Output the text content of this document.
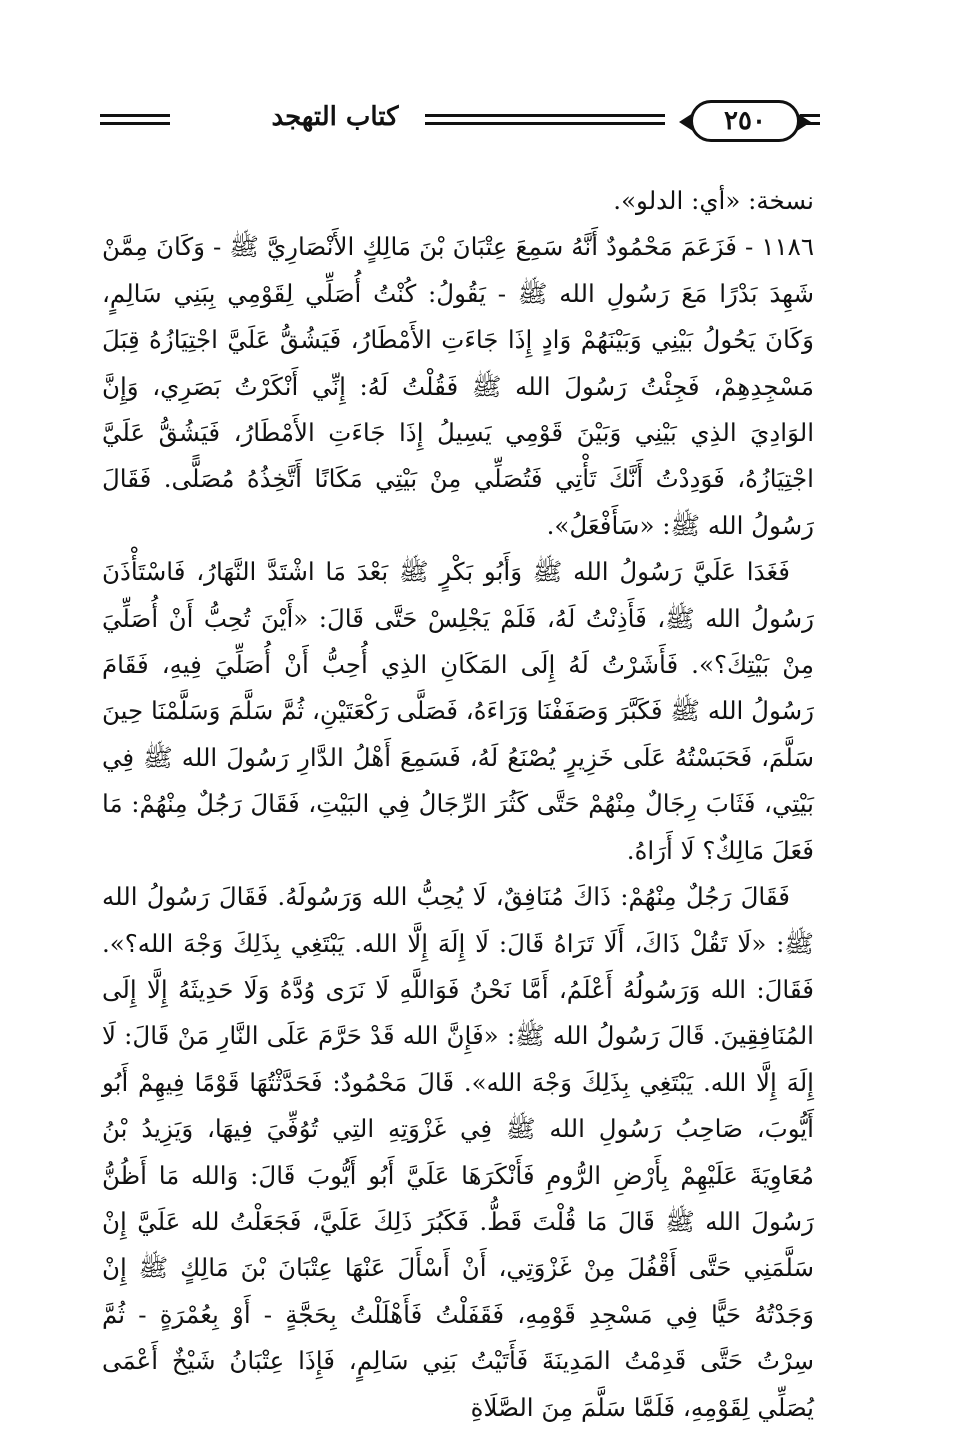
كتاب التهجد	٢٥٠

نسخة: «أي: الدلو».

١١٨٦ - فَزَعَمَ مَحْمُودٌ أَنَّهُ سَمِعَ عِتْبَانَ بْنَ مَالِكٍ الأَنْصَارِيَّ ﷺ - وَكَانَ مِمَّنْ شَهِدَ بَدْرًا مَعَ رَسُولِ الله ﷺ - يَقُولُ: كُنْتُ أُصَلِّي لِقَوْمِي بِبَنِي سَالِمٍ، وَكَانَ يَحُولُ بَيْنِي وَبَيْنَهُمْ وَادٍ إِذَا جَاءَتِ الأَمْطَارُ، فَيَشُقُّ عَلَيَّ اجْتِيَازُهُ قِبَلَ مَسْجِدِهِمْ، فَجِئْتُ رَسُولَ الله ﷺ فَقُلْتُ لَهُ: إِنِّي أَنْكَرْتُ بَصَرِي، وَإِنَّ الوَادِيَ الذِي بَيْنِي وَبَيْنَ قَوْمِي يَسِيلُ إِذَا جَاءَتِ الأَمْطَارُ، فَيَشُقُّ عَلَيَّ اجْتِيَازُهُ، فَوَدِدْتُ أَنَّكَ تَأْتِي فَتُصَلِّي مِنْ بَيْتِي مَكَانًا أَتَّخِذُهُ مُصَلًّى. فَقَالَ رَسُولُ الله ﷺ: «سَأَفْعَلُ».

فَغَدَا عَلَيَّ رَسُولُ الله ﷺ وَأَبُو بَكْرٍ ﷺ بَعْدَ مَا اشْتَدَّ النَّهَارُ، فَاسْتَأْذَنَ رَسُولُ الله ﷺ، فَأَذِنْتُ لَهُ، فَلَمْ يَجْلِسْ حَتَّى قَالَ: «أَيْنَ تُحِبُّ أَنْ أُصَلِّيَ مِنْ بَيْتِكَ؟». فَأَشَرْتُ لَهُ إِلَى المَكَانِ الذِي أُحِبُّ أَنْ أُصَلِّيَ فِيهِ، فَقَامَ رَسُولُ الله ﷺ فَكَبَّرَ وَصَفَفْنَا وَرَاءَهُ، فَصَلَّى رَكْعَتَيْنِ، ثُمَّ سَلَّمَ وَسَلَّمْنَا حِينَ سَلَّمَ، فَحَبَسْتُهُ عَلَى خَزِيرٍ يُصْنَعُ لَهُ، فَسَمِعَ أَهْلُ الدَّارِ رَسُولَ الله ﷺ فِي بَيْتِي، فَثَابَ رِجَالٌ مِنْهُمْ حَتَّى كَثُرَ الرِّجَالُ فِي البَيْتِ، فَقَالَ رَجُلٌ مِنْهُمْ: مَا فَعَلَ مَالِكٌ؟ لَا أَرَاهُ.

فَقَالَ رَجُلٌ مِنْهُمْ: ذَاكَ مُنَافِقٌ، لَا يُحِبُّ الله وَرَسُولَهُ. فَقَالَ رَسُولُ الله ﷺ: «لَا تَقُلْ ذَاكَ، أَلَا تَرَاهُ قَالَ: لَا إِلَهَ إِلَّا الله. يَبْتَغِي بِذَلِكَ وَجْهَ الله؟». فَقَالَ: الله وَرَسُولُهُ أَعْلَمُ، أَمَّا نَحْنُ فَوَاللَّهِ لَا نَرَى وُدَّهُ وَلَا حَدِيثَهُ إِلَّا إِلَى المُنَافِقِينَ. قَالَ رَسُولُ الله ﷺ: «فَإِنَّ الله قَدْ حَرَّمَ عَلَى النَّارِ مَنْ قَالَ: لَا إِلَهَ إِلَّا الله. يَبْتَغِي بِذَلِكَ وَجْهَ الله». قَالَ مَحْمُودٌ: فَحَدَّثْتُهَا قَوْمًا فِيهِمْ أَبُو أَيُّوبَ، صَاحِبُ رَسُولِ الله ﷺ فِي غَزْوَتِهِ التِي تُوُفِّيَ فِيهَا، وَيَزِيدُ بْنُ مُعَاوِيَةَ عَلَيْهِمْ بِأَرْضِ الرُّومِ فَأَنْكَرَهَا عَلَيَّ أَبُو أَيُّوبَ قَالَ: وَالله مَا أَظُنُّ رَسُولَ الله ﷺ قَالَ مَا قُلْتَ قَطُّ. فَكَبُرَ ذَلِكَ عَلَيَّ، فَجَعَلْتُ لله عَلَيَّ إِنْ سَلَّمَنِي حَتَّى أَقْفُلَ مِنْ غَزْوَتِي، أَنْ أَسْأَلَ عَنْهَا عِتْبَانَ بْنَ مَالِكٍ ﷺ إِنْ وَجَدْتُهُ حَيًّا فِي مَسْجِدِ قَوْمِهِ، فَقَفَلْتُ فَأَهْلَلْتُ بِحَجَّةٍ - أَوْ بِعُمْرَةٍ - ثُمَّ سِرْتُ حَتَّى قَدِمْتُ المَدِينَةَ فَأَتَيْتُ بَنِي سَالِمٍ، فَإِذَا عِتْبَانُ شَيْخٌ أَعْمَى يُصَلِّي لِقَوْمِهِ، فَلَمَّا سَلَّمَ مِنَ الصَّلَاةِ
